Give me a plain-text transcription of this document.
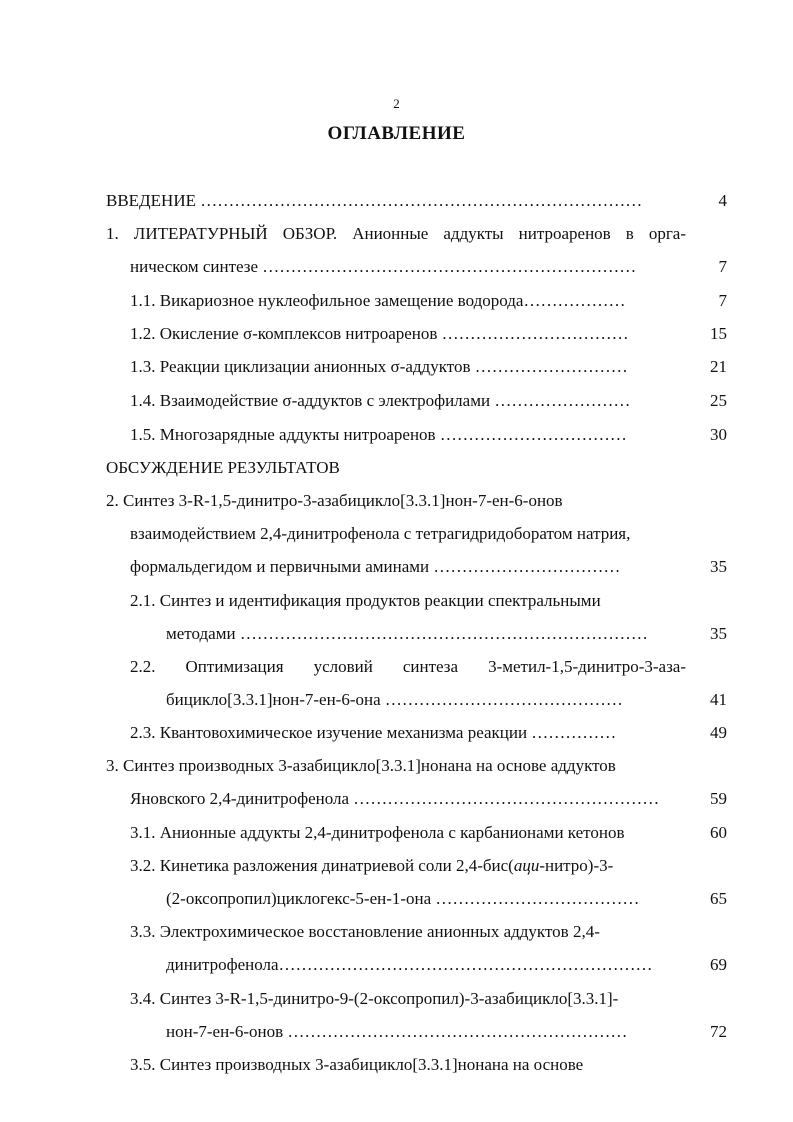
2
ОГЛАВЛЕНИЕ
ВВЕДЕНИЕ ……………………………………………………………………	4
1. ЛИТЕРАТУРНЫЙ ОБЗОР. Анионные аддукты нитроаренов в орга-
ническом синтезе …………………………………………………………	7
1.1. Викариозное нуклеофильное замещение водорода………………	7
1.2. Окисление σ-комплексов нитроаренов ……………………………	15
1.3. Реакции циклизации анионных σ-аддуктов ………………………	21
1.4. Взаимодействие σ-аддуктов с электрофилами ……………………	25
1.5. Многозарядные аддукты нитроаренов ……………………………	30
ОБСУЖДЕНИЕ РЕЗУЛЬТАТОВ
2. Синтез 3-R-1,5-динитро-3-азабицикло[3.3.1]нон-7-ен-6-онов
взаимодействием 2,4-динитрофенола с тетрагидридоборатом натрия,
формальдегидом и первичными аминами ……………………………	35
2.1. Синтез и идентификация продуктов реакции спектральными
методами ………………………………………………………………	35
2.2. Оптимизация условий синтеза 3-метил-1,5-динитро-3-аза-
бицикло[3.3.1]нон-7-ен-6-она ……………………………………	41
2.3. Квантовохимическое изучение механизма реакции ……………	49
3. Синтез производных 3-азабицикло[3.3.1]нонана на основе аддуктов
Яновского 2,4-динитрофенола ………………………………………………	59
3.1. Анионные аддукты 2,4-динитрофенола с карбанионами кетонов	60
3.2. Кинетика разложения динатриевой соли 2,4-бис(аци-нитро)-3-
(2-оксопропил)циклогекс-5-ен-1-она ………………………………	65
3.3. Электрохимическое восстановление анионных аддуктов 2,4-
динитрофенола…………………………………………………………	69
3.4. Синтез 3-R-1,5-динитро-9-(2-оксопропил)-3-азабицикло[3.3.1]-
нон-7-ен-6-онов ……………………………………………………	72
3.5. Синтез производных 3-азабицикло[3.3.1]нонана на основе
